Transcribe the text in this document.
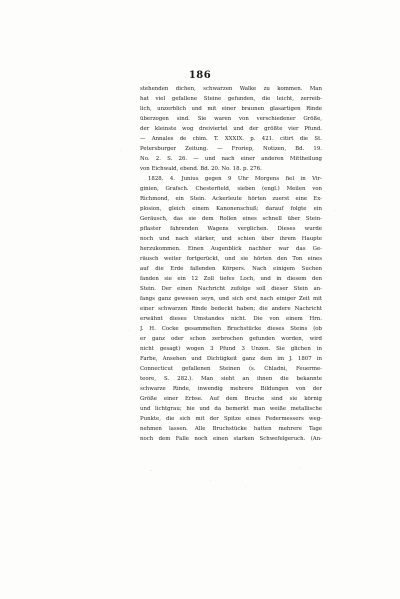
186
stehenden dichen, schwarzen Walke zu kommen. Man
hat viel gefallene Steine gefunden, die leicht, zerreib-
lich, unzerblich und mit einer braunen glasartigen Rinde
überzogen sind. Sie waren von verschiedener Größe,
der kleinste wog dreiviertel und der größte vier Pfund.
— Annales de chim. T. XXXIX. p. 421. citirt die St.
Petersburger Zeitung. — Froriep, Notizen, Bd. 19.
No. 2. S. 26. — und nach einer anderen Mittheilung
von Eichwald, ebend. Bd. 20. No. 18. p. 276.
1828. 4. Junius gegen 9 Uhr Morgens fiel in Vir-
ginien, Grafsch. Chesterfield, sieben (engl.) Meilen von
Richmond, ein Stein. Ackerleute hörten zuerst eine Ex-
plosion, gleich einem Kanonenschuß; darauf folgte ein
Geräusch, das sie dem Rollen eines schnell über Stein-
pflaster fahrenden Wagens verglichen. Dieses wurde
noch und nach stärker, und schien über ihrem Haupte
herzukommen. Einen Augenblick nachher war das Ge-
räusch weiter fortgerückt, und sie hörten den Ton eines
auf die Erde fallenden Körpers. Nach einigem Suchen
fanden sie ein 12 Zoll tiefes Loch, und in diesem den
Stein. Der einen Nachricht zufolge soll dieser Stein an-
fangs ganz gewesen seyn, und sich erst nach einiger Zeit mit
einer schwarzen Rinde bedeckt haben; die andere Nachricht
erwähnt dieses Umstandes nicht. Die von einem Hrn.
J. H. Cocke gesammelten Bruchstücke dieses Steins (ob
er ganz oder schon zerbrochen gefunden worden, wird
nicht gesagt) wogen 3 Pfund 3 Unzen. Sie glichen in
Farbe, Ansehen und Dichtigkeit ganz dem im J. 1807 in
Connecticut gefallenen Steinen (s. Chladni, Feuerme-
teore, S. 282.). Man sieht an ihnen die bekannte
schwarze Rinde, inwendig mehrere Bildungen von der
Größe einer Erbse. Auf dem Bruche sind sie körnig
und lichtgrau; hie und da bemerkt man weiße metallische
Punkte, die sich mit der Spitze eines Federmessers weg-
nehmen lassen. Alle Bruchstücke hatten mehrere Tage
noch dem Falle noch einen starken Schwefelgeruch. (An-
